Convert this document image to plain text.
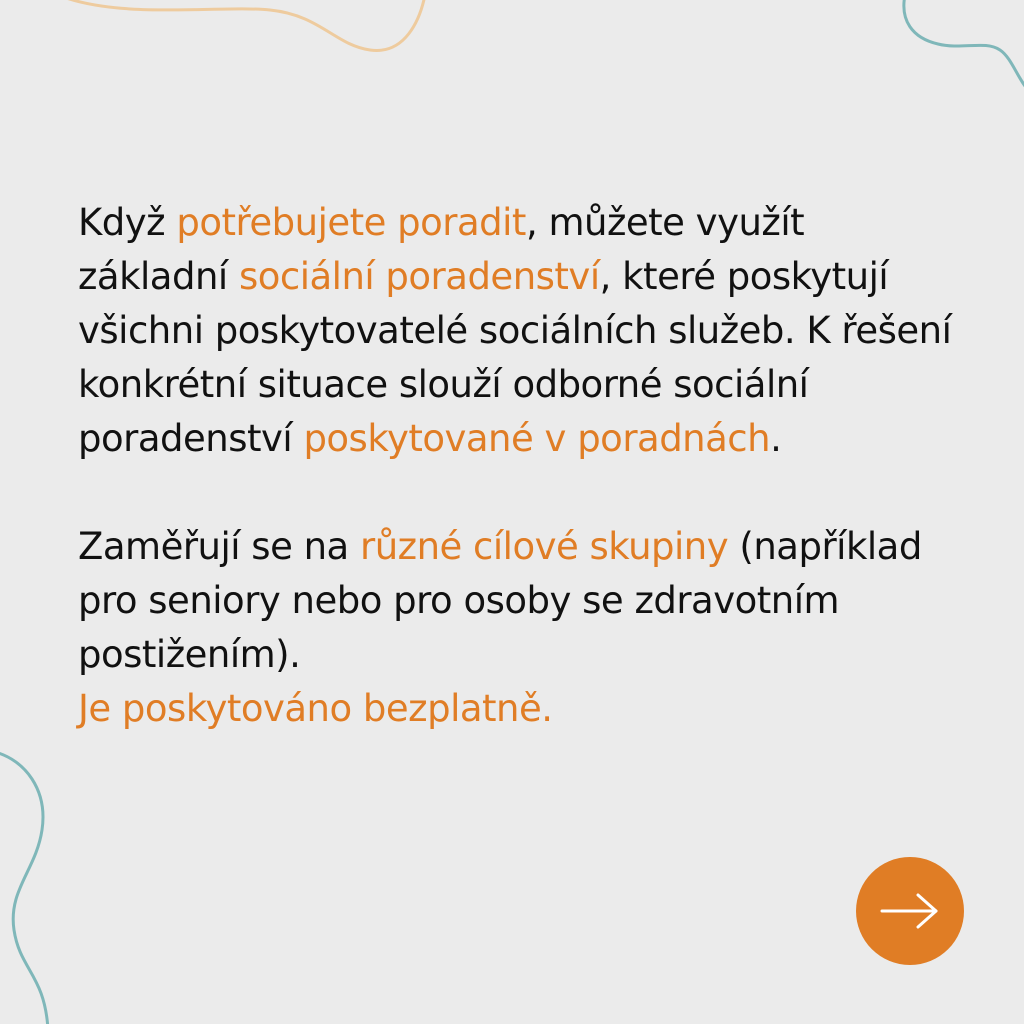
Když potřebujete poradit, můžete využít základní sociální poradenství, které poskytují všichni poskytovatelé sociálních služeb. K řešení konkrétní situace slouží odborné sociální poradenství poskytované v poradnách.

Zaměřují se na různé cílové skupiny (například pro seniory nebo pro osoby se zdravotním postižením).
Je poskytováno bezplatně.
